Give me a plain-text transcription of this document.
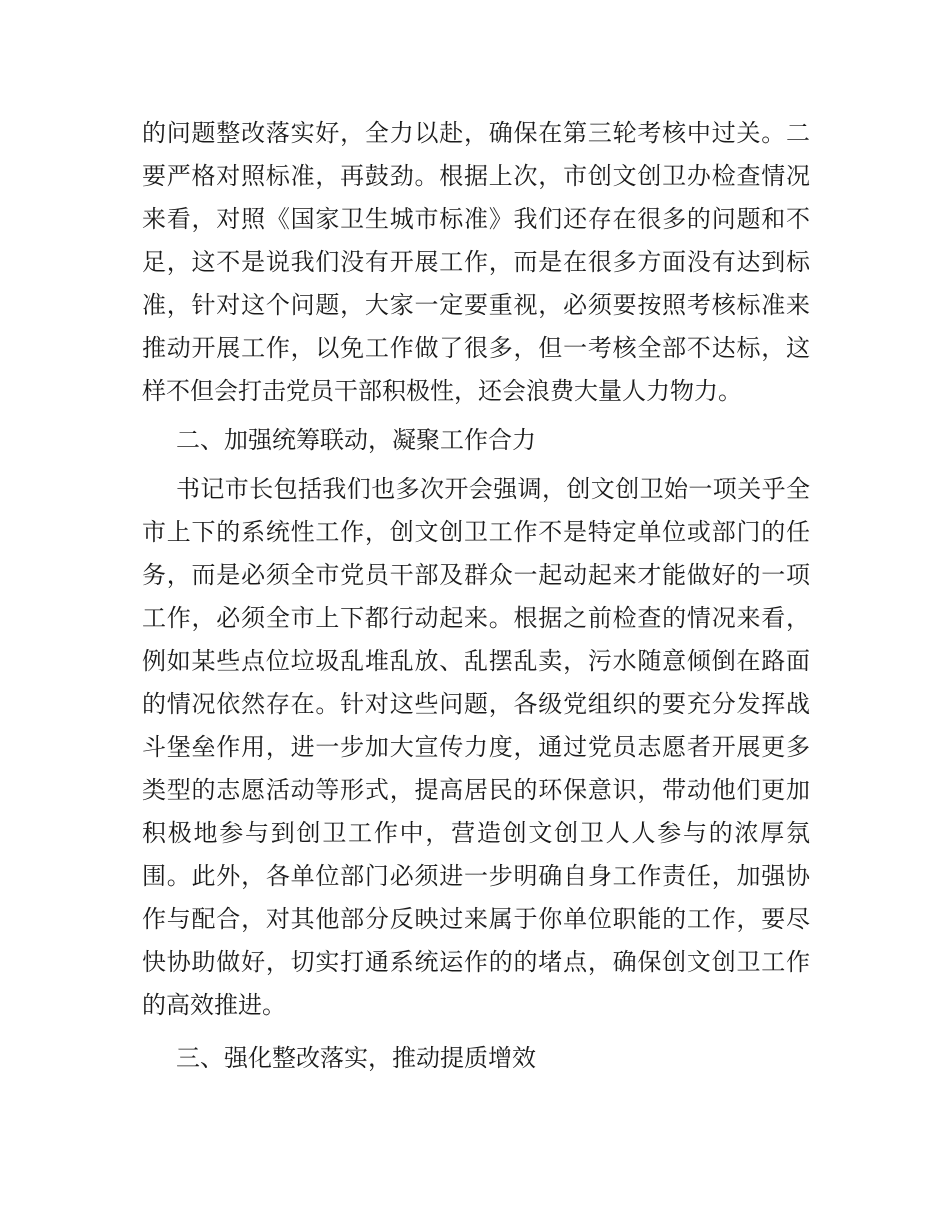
的问题整改落实好，全力以赴，确保在第三轮考核中过关。二要严格对照标准，再鼓劲。根据上次，市创文创卫办检查情况来看，对照《国家卫生城市标准》我们还存在很多的问题和不足，这不是说我们没有开展工作，而是在很多方面没有达到标准，针对这个问题，大家一定要重视，必须要按照考核标准来推动开展工作，以免工作做了很多，但一考核全部不达标，这样不但会打击党员干部积极性，还会浪费大量人力物力。

二、加强统筹联动，凝聚工作合力

书记市长包括我们也多次开会强调，创文创卫始一项关乎全市上下的系统性工作，创文创卫工作不是特定单位或部门的任务，而是必须全市党员干部及群众一起动起来才能做好的一项工作，必须全市上下都行动起来。根据之前检查的情况来看，例如某些点位垃圾乱堆乱放、乱摆乱卖，污水随意倾倒在路面的情况依然存在。针对这些问题，各级党组织的要充分发挥战斗堡垒作用，进一步加大宣传力度，通过党员志愿者开展更多类型的志愿活动等形式，提高居民的环保意识，带动他们更加积极地参与到创卫工作中，营造创文创卫人人参与的浓厚氛围。此外，各单位部门必须进一步明确自身工作责任，加强协作与配合，对其他部分反映过来属于你单位职能的工作，要尽快协助做好，切实打通系统运作的的堵点，确保创文创卫工作的高效推进。

三、强化整改落实，推动提质增效
